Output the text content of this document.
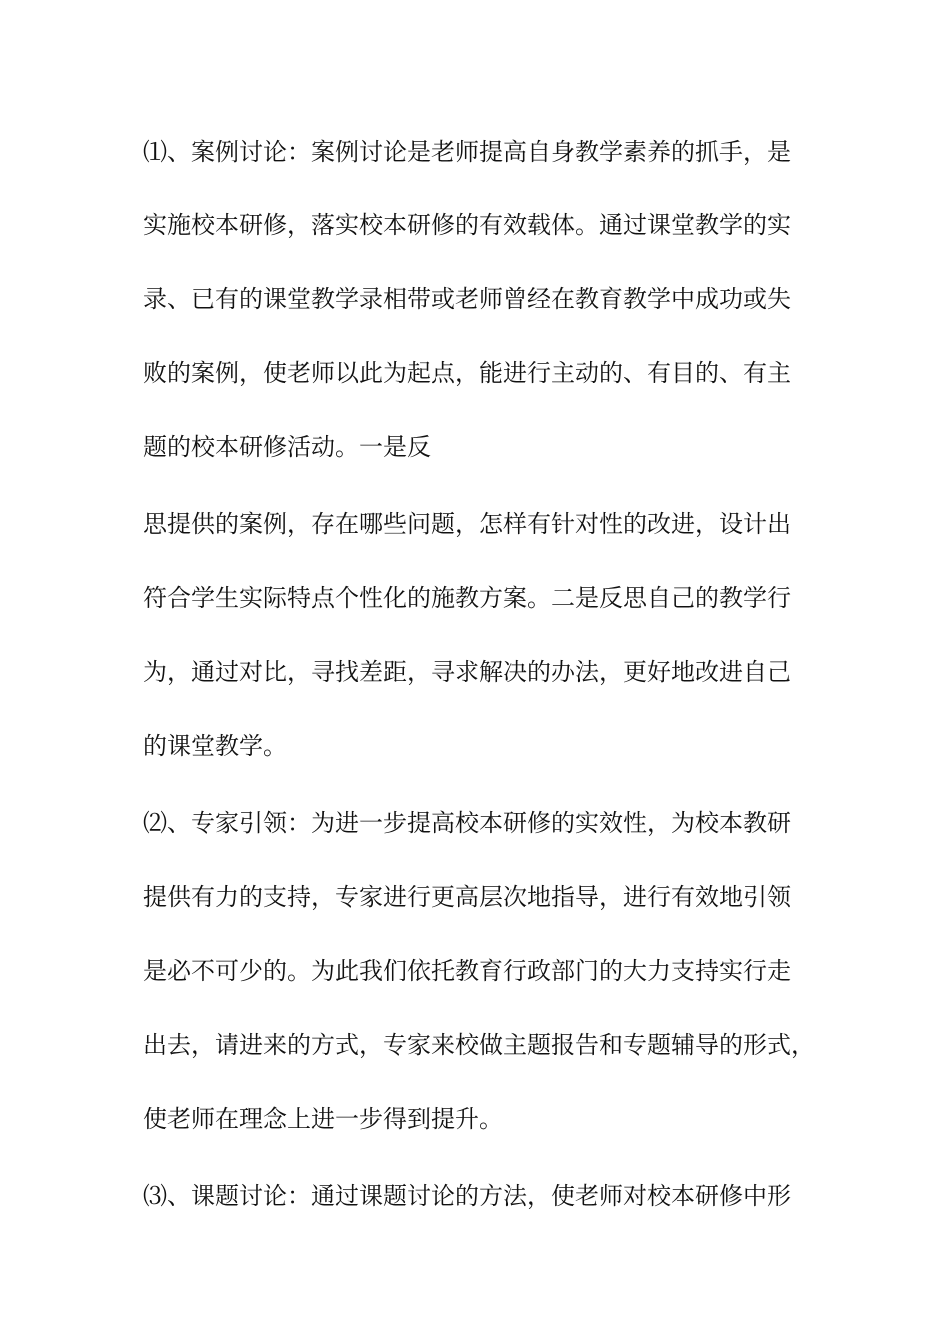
⑴、案例讨论：案例讨论是老师提高自身教学素养的抓手，是
实施校本研修，落实校本研修的有效载体。通过课堂教学的实
录、已有的课堂教学录相带或老师曾经在教育教学中成功或失
败的案例，使老师以此为起点，能进行主动的、有目的、有主
题的校本研修活动。一是反
思提供的案例，存在哪些问题，怎样有针对性的改进，设计出
符合学生实际特点个性化的施教方案。二是反思自己的教学行
为，通过对比，寻找差距，寻求解决的办法，更好地改进自己
的课堂教学。
⑵、专家引领：为进一步提高校本研修的实效性，为校本教研
提供有力的支持，专家进行更高层次地指导，进行有效地引领
是必不可少的。为此我们依托教育行政部门的大力支持实行走
出去，请进来的方式，专家来校做主题报告和专题辅导的形式，
使老师在理念上进一步得到提升。
⑶、课题讨论：通过课题讨论的方法，使老师对校本研修中形
